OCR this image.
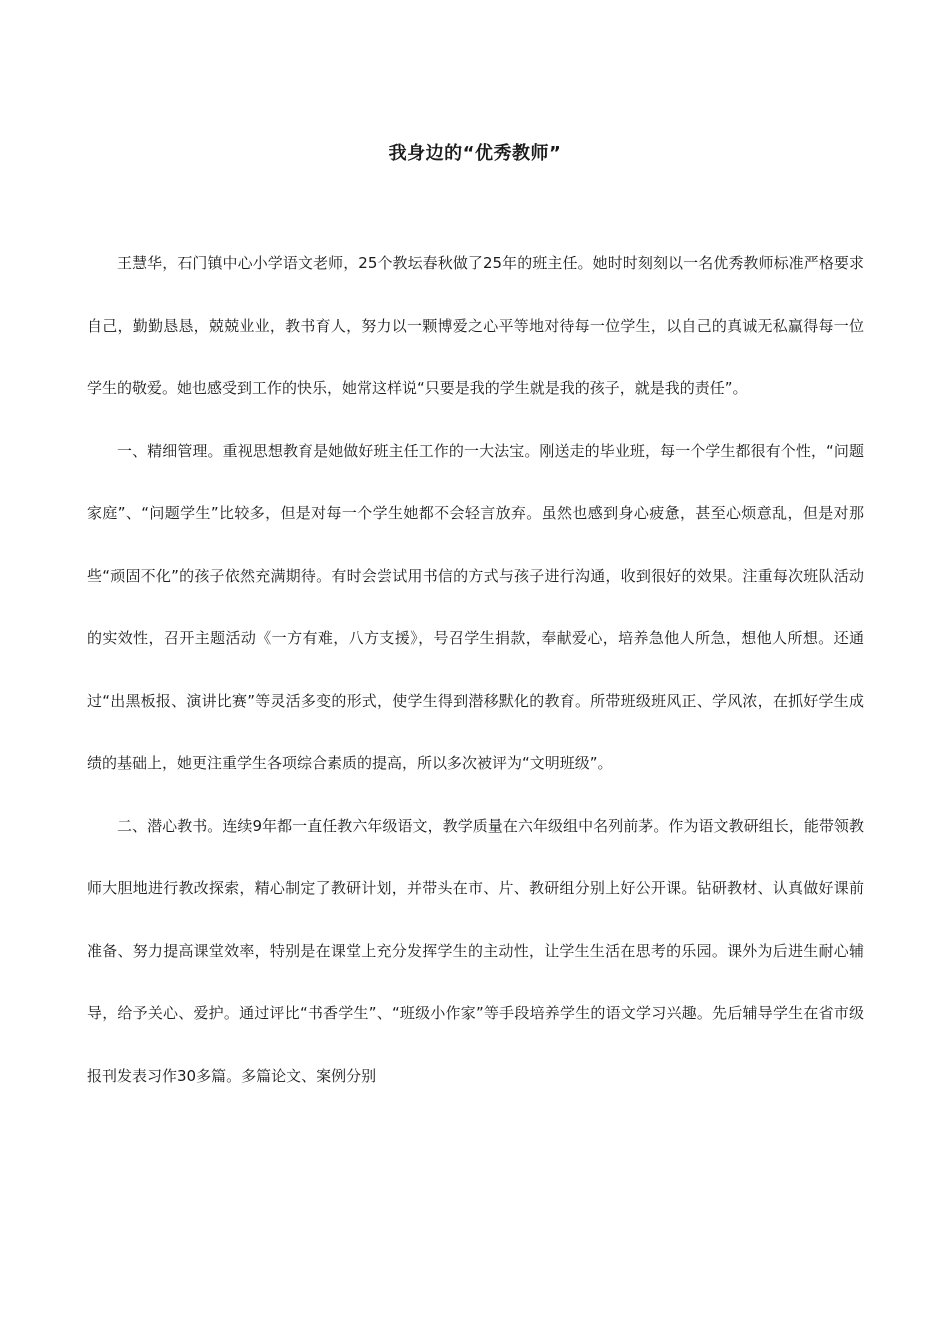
我身边的“优秀教师”

王慧华，石门镇中心小学语文老师，25个教坛春秋做了25年的班主任。她时时刻刻以一名优秀教师标准严格要求自己，勤勤恳恳，兢兢业业，教书育人，努力以一颗博爱之心平等地对待每一位学生，以自己的真诚无私赢得每一位学生的敬爱。她也感受到工作的快乐，她常这样说“只要是我的学生就是我的孩子，就是我的责任”。

一、精细管理。重视思想教育是她做好班主任工作的一大法宝。刚送走的毕业班，每一个学生都很有个性，“问题家庭”、“问题学生”比较多，但是对每一个学生她都不会轻言放弃。虽然也感到身心疲惫，甚至心烦意乱，但是对那些“顽固不化”的孩子依然充满期待。有时会尝试用书信的方式与孩子进行沟通，收到很好的效果。注重每次班队活动的实效性，召开主题活动《一方有难，八方支援》，号召学生捐款，奉献爱心，培养急他人所急，想他人所想。还通过“出黑板报、演讲比赛”等灵活多变的形式，使学生得到潜移默化的教育。所带班级班风正、学风浓，在抓好学生成绩的基础上，她更注重学生各项综合素质的提高，所以多次被评为“文明班级”。

二、潜心教书。连续9年都一直任教六年级语文，教学质量在六年级组中名列前茅。作为语文教研组长，能带领教师大胆地进行教改探索，精心制定了教研计划，并带头在市、片、教研组分别上好公开课。钻研教材、认真做好课前准备、努力提高课堂效率，特别是在课堂上充分发挥学生的主动性，让学生生活在思考的乐园。课外为后进生耐心辅导，给予关心、爱护。通过评比“书香学生”、“班级小作家”等手段培养学生的语文学习兴趣。先后辅导学生在省市级报刊发表习作30多篇。多篇论文、案例分别
